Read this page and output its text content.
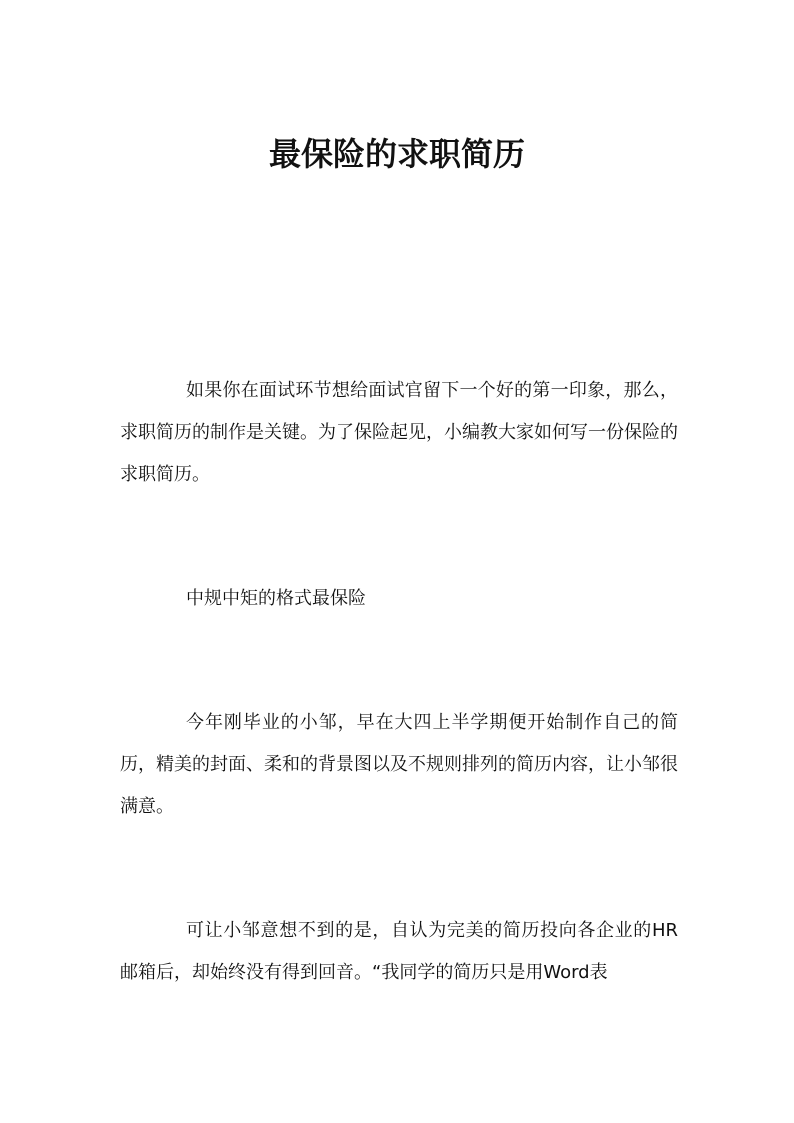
最保险的求职简历

如果你在面试环节想给面试官留下一个好的第一印象，那么，求职简历的制作是关键。为了保险起见，小编教大家如何写一份保险的求职简历。

中规中矩的格式最保险

今年刚毕业的小邹，早在大四上半学期便开始制作自己的简历，精美的封面、柔和的背景图以及不规则排列的简历内容，让小邹很满意。

可让小邹意想不到的是，自认为完美的简历投向各企业的HR邮箱后，却始终没有得到回音。“我同学的简历只是用Word表
